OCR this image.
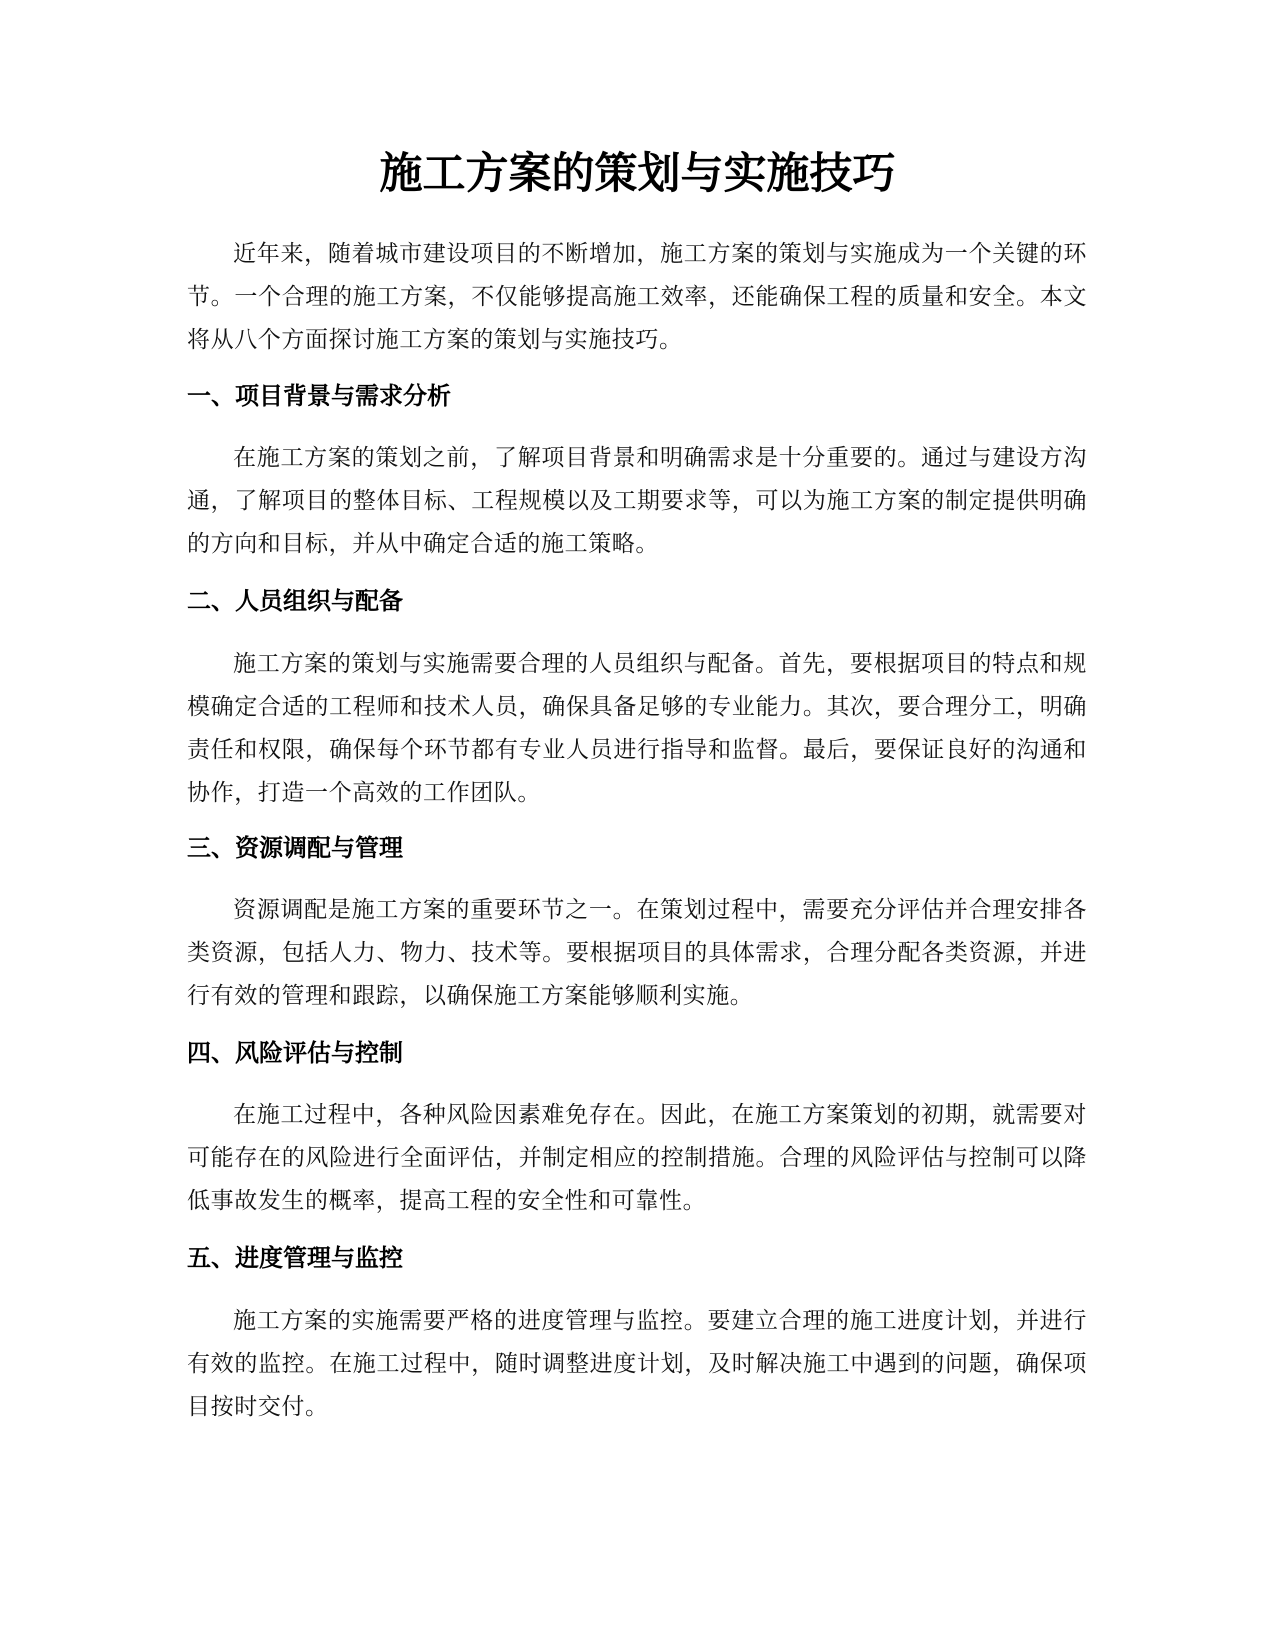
施工方案的策划与实施技巧

近年来，随着城市建设项目的不断增加，施工方案的策划与实施成为一个关键的环节。一个合理的施工方案，不仅能够提高施工效率，还能确保工程的质量和安全。本文将从八个方面探讨施工方案的策划与实施技巧。

一、项目背景与需求分析

在施工方案的策划之前，了解项目背景和明确需求是十分重要的。通过与建设方沟通，了解项目的整体目标、工程规模以及工期要求等，可以为施工方案的制定提供明确的方向和目标，并从中确定合适的施工策略。

二、人员组织与配备

施工方案的策划与实施需要合理的人员组织与配备。首先，要根据项目的特点和规模确定合适的工程师和技术人员，确保具备足够的专业能力。其次，要合理分工，明确责任和权限，确保每个环节都有专业人员进行指导和监督。最后，要保证良好的沟通和协作，打造一个高效的工作团队。

三、资源调配与管理

资源调配是施工方案的重要环节之一。在策划过程中，需要充分评估并合理安排各类资源，包括人力、物力、技术等。要根据项目的具体需求，合理分配各类资源，并进行有效的管理和跟踪，以确保施工方案能够顺利实施。

四、风险评估与控制

在施工过程中，各种风险因素难免存在。因此，在施工方案策划的初期，就需要对可能存在的风险进行全面评估，并制定相应的控制措施。合理的风险评估与控制可以降低事故发生的概率，提高工程的安全性和可靠性。

五、进度管理与监控

施工方案的实施需要严格的进度管理与监控。要建立合理的施工进度计划，并进行有效的监控。在施工过程中，随时调整进度计划，及时解决施工中遇到的问题，确保项目按时交付。
